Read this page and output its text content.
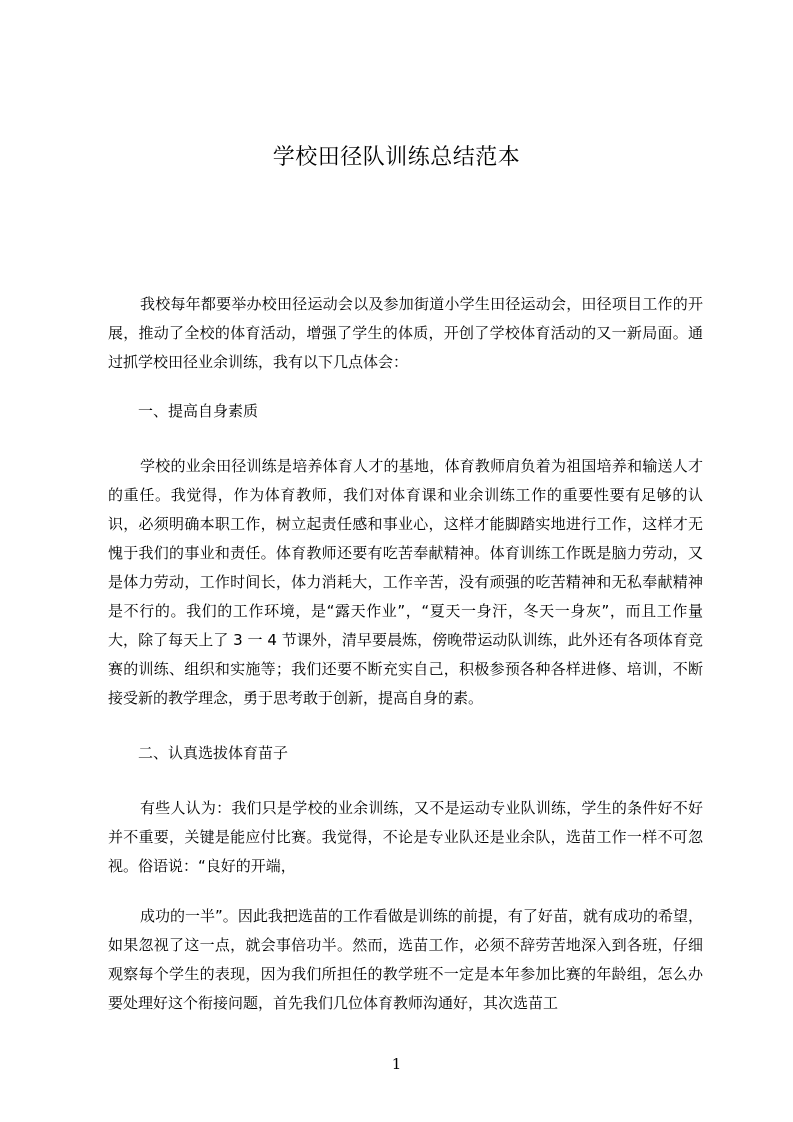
学校田径队训练总结范本

我校每年都要举办校田径运动会以及参加街道小学生田径运动会，田径项目工作的开展，推动了全校的体育活动，增强了学生的体质，开创了学校体育活动的又一新局面。通过抓学校田径业余训练，我有以下几点体会：

一、提高自身素质

学校的业余田径训练是培养体育人才的基地，体育教师肩负着为祖国培养和输送人才的重任。我觉得，作为体育教师，我们对体育课和业余训练工作的重要性要有足够的认识，必须明确本职工作，树立起责任感和事业心，这样才能脚踏实地进行工作，这样才无愧于我们的事业和责任。体育教师还要有吃苦奉献精神。体育训练工作既是脑力劳动，又是体力劳动，工作时间长，体力消耗大，工作辛苦，没有顽强的吃苦精神和无私奉献精神是不行的。我们的工作环境，是“露天作业”，“夏天一身汗，冬天一身灰”，而且工作量大，除了每天上了 3 一 4 节课外，清早要晨炼，傍晚带运动队训练，此外还有各项体育竞赛的训练、组织和实施等；我们还要不断充实自己，积极参预各种各样进修、培训，不断接受新的教学理念，勇于思考敢于创新，提高自身的素。

二、认真选拔体育苗子

有些人认为：我们只是学校的业余训练，又不是运动专业队训练，学生的条件好不好并不重要，关键是能应付比赛。我觉得，不论是专业队还是业余队，选苗工作一样不可忽视。俗语说：“良好的开端，

成功的一半”。因此我把选苗的工作看做是训练的前提，有了好苗，就有成功的希望，如果忽视了这一点，就会事倍功半。然而，选苗工作，必须不辞劳苦地深入到各班，仔细观察每个学生的表现，因为我们所担任的教学班不一定是本年参加比赛的年龄组，怎么办要处理好这个衔接问题，首先我们几位体育教师沟通好，其次选苗工

1
